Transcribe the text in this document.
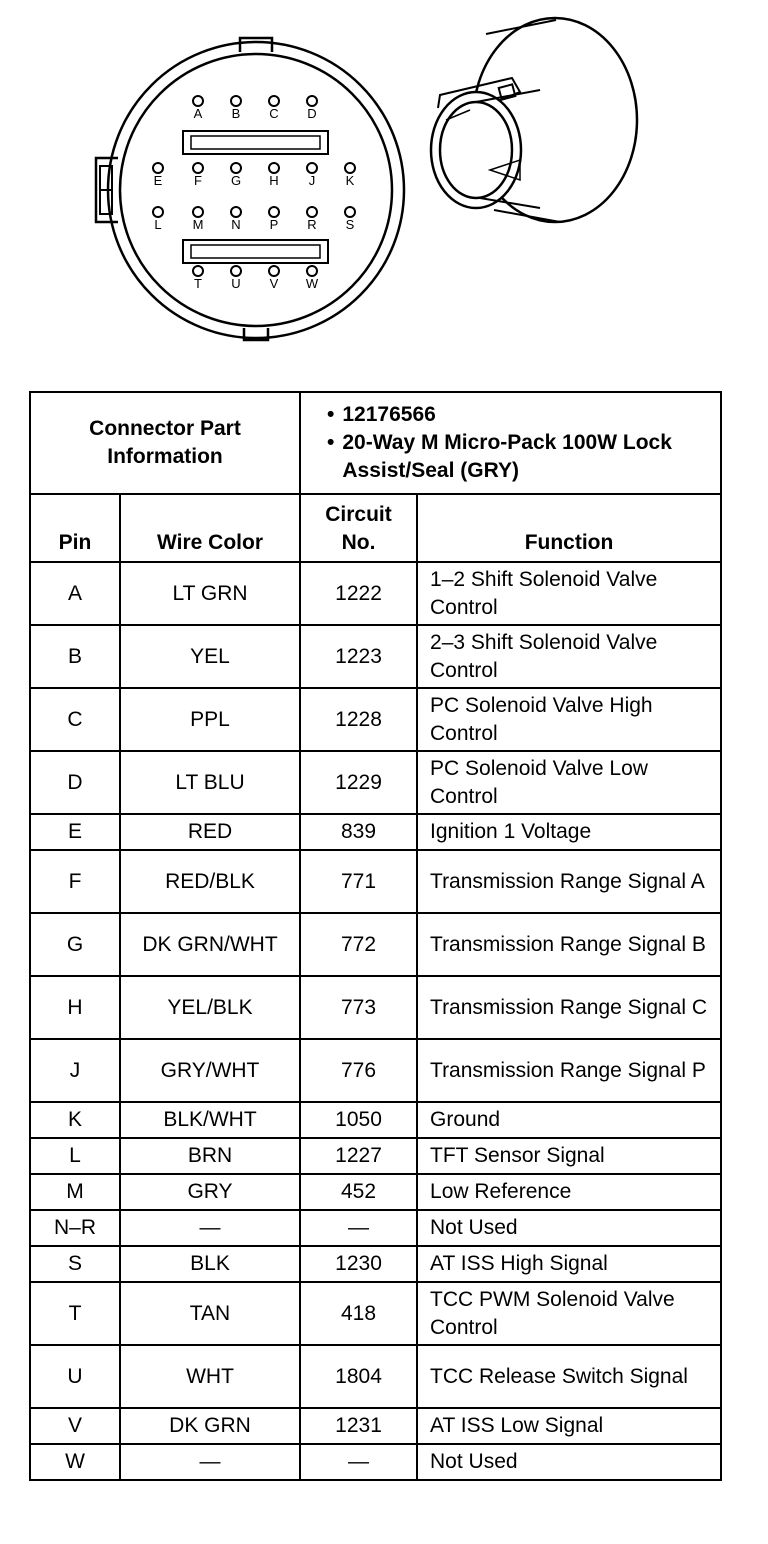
A B C D
E F G H J K
L M N P R S
T U V W
Connector Part Information		• 12176566
• 20-Way M Micro-Pack 100W Lock Assist/Seal (GRY)	

Pin	Wire Color	Circuit No.	Function
A	LT GRN	1222	1–2 Shift Solenoid Valve Control
B	YEL	1223	2–3 Shift Solenoid Valve Control
C	PPL	1228	PC Solenoid Valve High Control
D	LT BLU	1229	PC Solenoid Valve Low Control
E	RED	839	Ignition 1 Voltage
F	RED/BLK	771	Transmission Range Signal A
G	DK GRN/WHT	772	Transmission Range Signal B
H	YEL/BLK	773	Transmission Range Signal C
J	GRY/WHT	776	Transmission Range Signal P
K	BLK/WHT	1050	Ground
L	BRN	1227	TFT Sensor Signal
M	GRY	452	Low Reference
N–R	—	—	Not Used
S	BLK	1230	AT ISS High Signal
T	TAN	418	TCC PWM Solenoid Valve Control
U	WHT	1804	TCC Release Switch Signal
V	DK GRN	1231	AT ISS Low Signal
W	—	—	Not Used
